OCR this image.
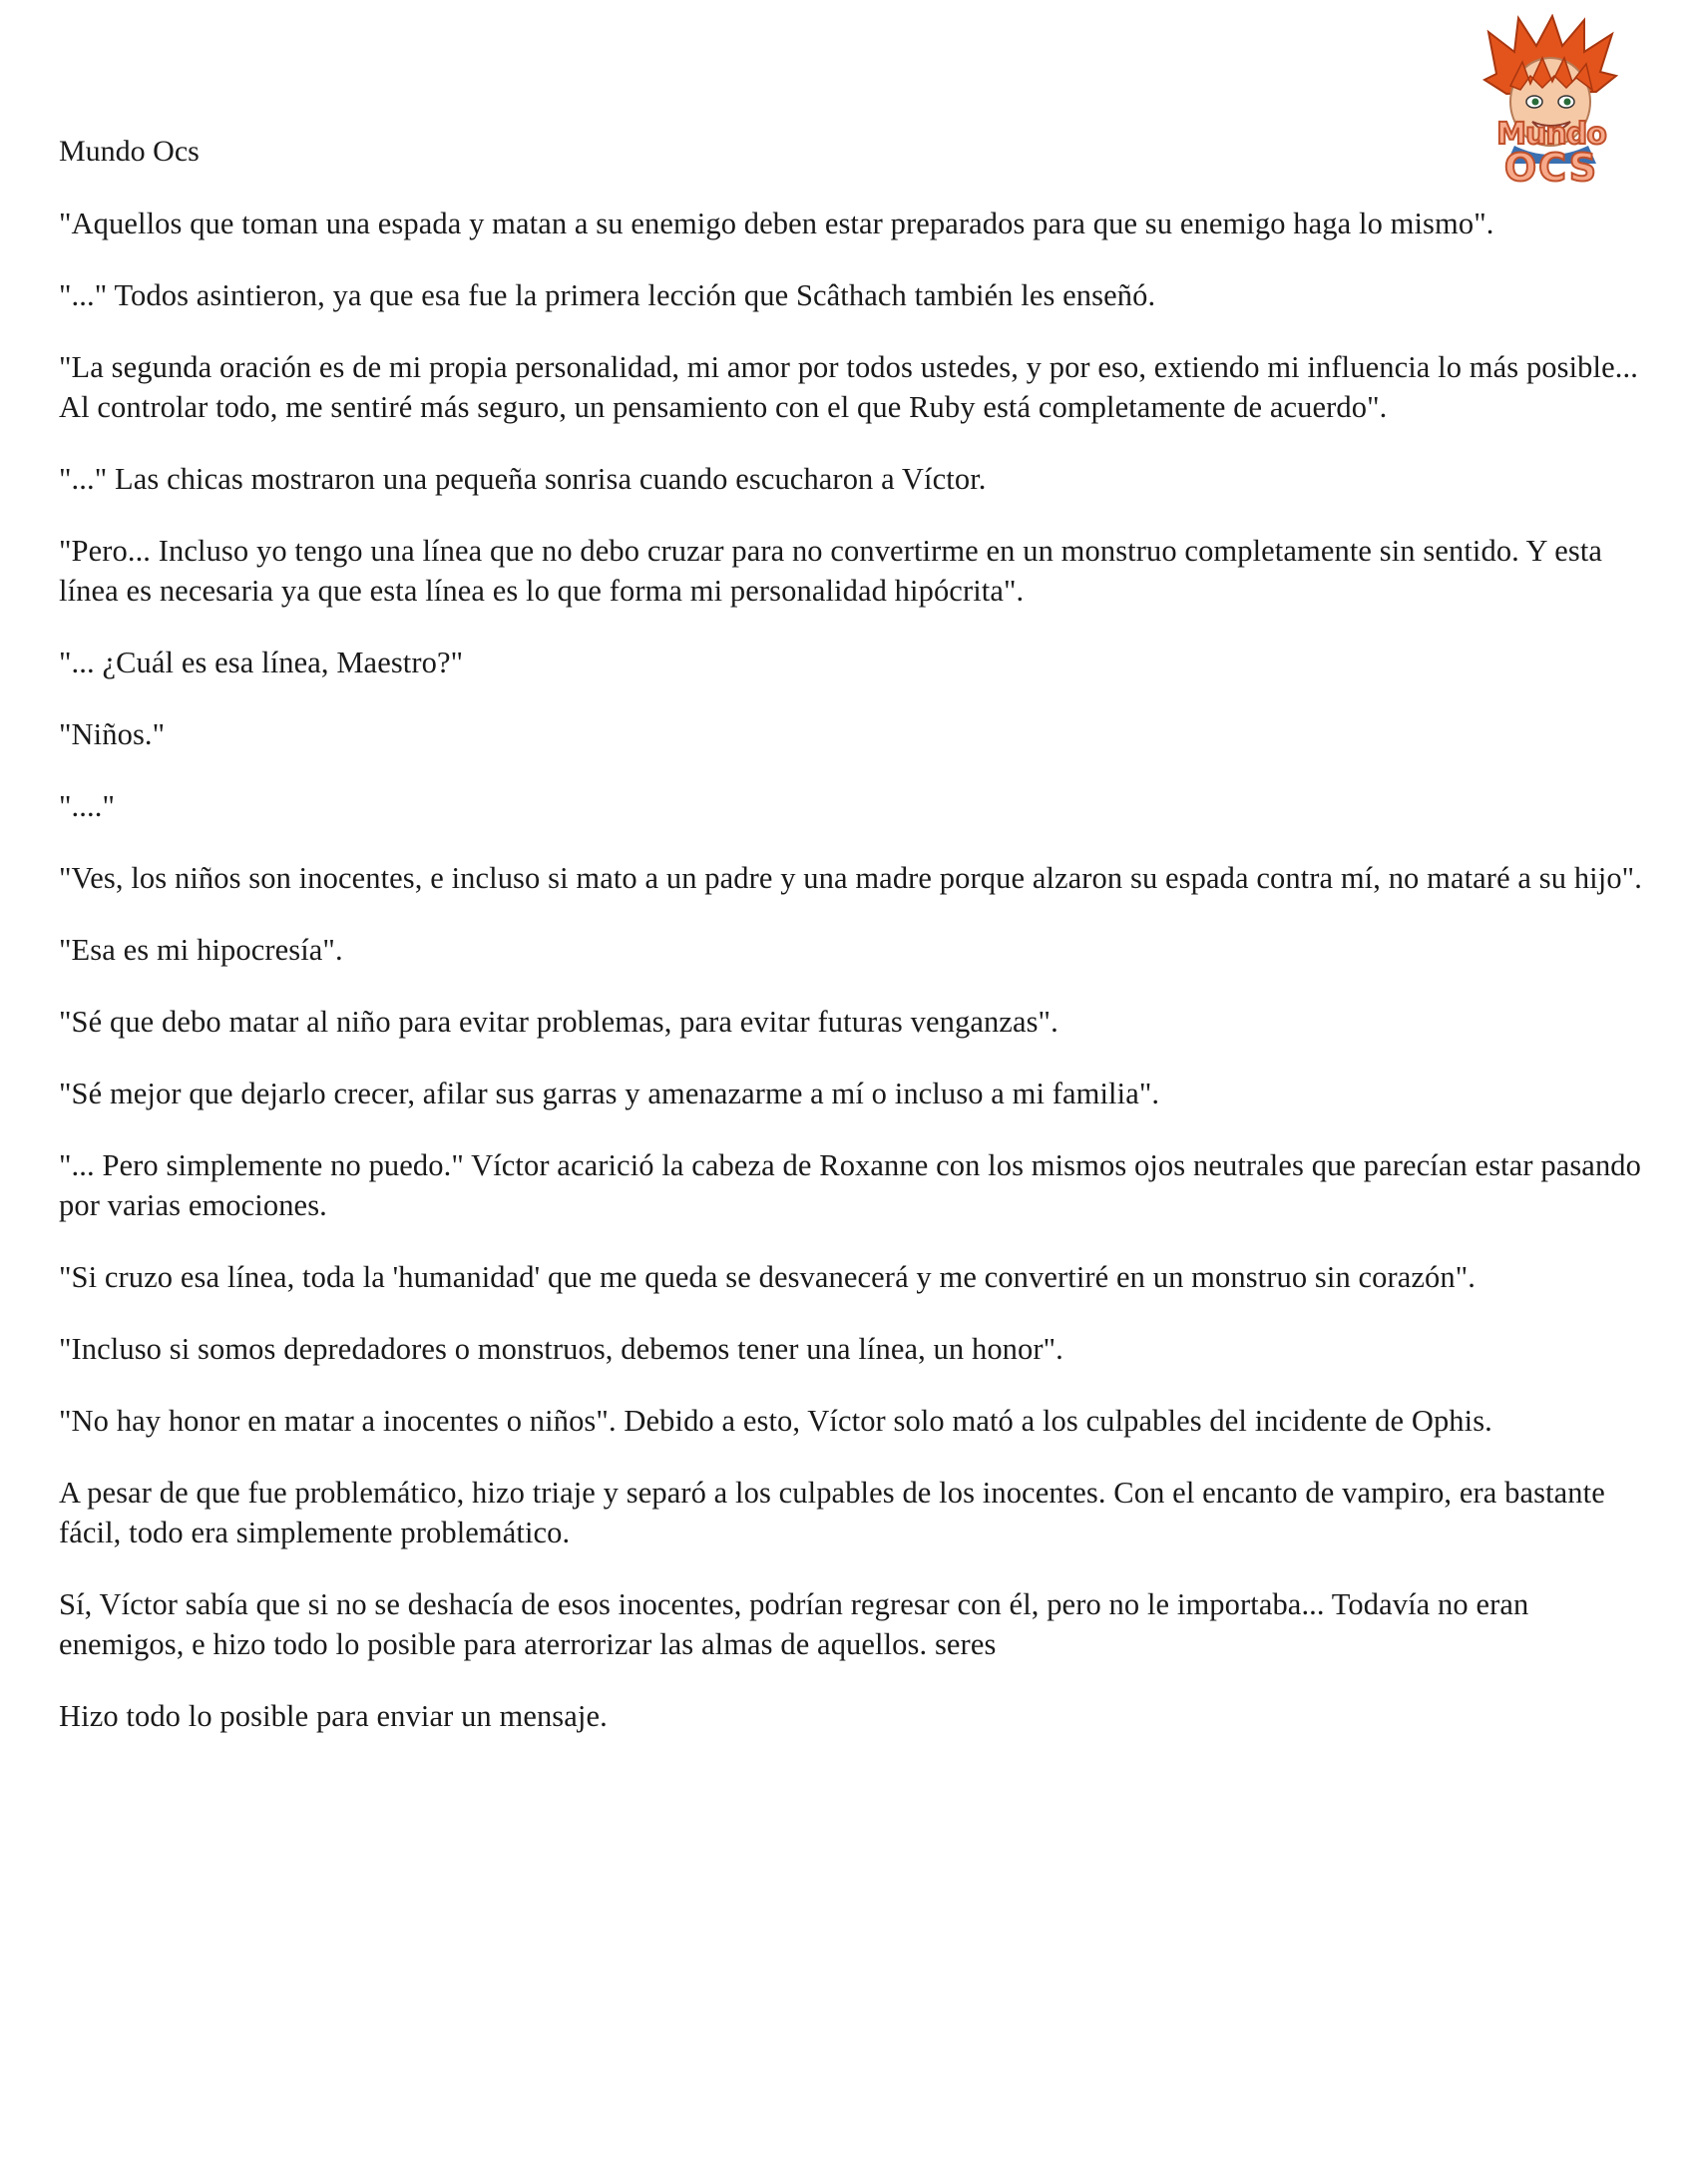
Mundo
OCS
Mundo Ocs

"Aquellos que toman una espada y matan a su enemigo deben estar preparados para que su enemigo haga lo mismo".

"..." Todos asintieron, ya que esa fue la primera lección que Scâthach también les enseñó.

"La segunda oración es de mi propia personalidad, mi amor por todos ustedes, y por eso, extiendo mi influencia lo más posible... Al controlar todo, me sentiré más seguro, un pensamiento con el que Ruby está completamente de acuerdo".

"..." Las chicas mostraron una pequeña sonrisa cuando escucharon a Víctor.

"Pero... Incluso yo tengo una línea que no debo cruzar para no convertirme en un monstruo completamente sin sentido. Y esta línea es necesaria ya que esta línea es lo que forma mi personalidad hipócrita".

"... ¿Cuál es esa línea, Maestro?"

"Niños."

"...."

"Ves, los niños son inocentes, e incluso si mato a un padre y una madre porque alzaron su espada contra mí, no mataré a su hijo".

"Esa es mi hipocresía".

"Sé que debo matar al niño para evitar problemas, para evitar futuras venganzas".

"Sé mejor que dejarlo crecer, afilar sus garras y amenazarme a mí o incluso a mi familia".

"... Pero simplemente no puedo." Víctor acarició la cabeza de Roxanne con los mismos ojos neutrales que parecían estar pasando por varias emociones.

"Si cruzo esa línea, toda la 'humanidad' que me queda se desvanecerá y me convertiré en un monstruo sin corazón".

"Incluso si somos depredadores o monstruos, debemos tener una línea, un honor".

"No hay honor en matar a inocentes o niños". Debido a esto, Víctor solo mató a los culpables del incidente de Ophis.

A pesar de que fue problemático, hizo triaje y separó a los culpables de los inocentes. Con el encanto de vampiro, era bastante fácil, todo era simplemente problemático.

Sí, Víctor sabía que si no se deshacía de esos inocentes, podrían regresar con él, pero no le importaba... Todavía no eran enemigos, e hizo todo lo posible para aterrorizar las almas de aquellos. seres

Hizo todo lo posible para enviar un mensaje.
